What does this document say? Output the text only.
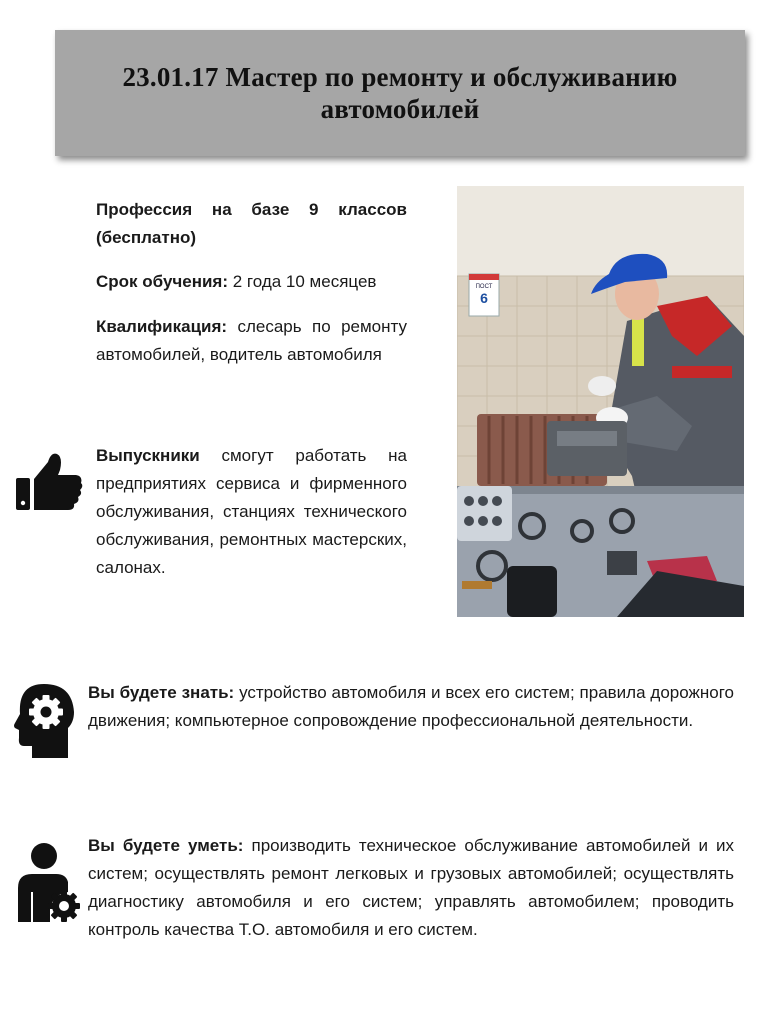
23.01.17 Мастер по ремонту и обслуживанию
автомобилей

Профессия на базе 9 классов (бесплатно)

Срок обучения: 2 года 10 месяцев

Квалификация: слесарь по ремонту автомобилей, водитель автомобиля

Выпускники смогут работать на предприятиях сервиса и фирменного обслуживания, станциях технического обслуживания, ремонтных мастерских, салонах.

ПОСТ
6

Вы будете знать: устройство автомобиля и всех его систем; правила дорожного движения; компьютерное сопровождение профессиональной деятельности.

Вы будете уметь: производить техническое обслуживание автомобилей и их систем; осуществлять ремонт легковых и грузовых автомобилей; осуществлять диагностику автомобиля и его систем; управлять автомобилем; проводить контроль качества Т.О. автомобиля и его систем.
